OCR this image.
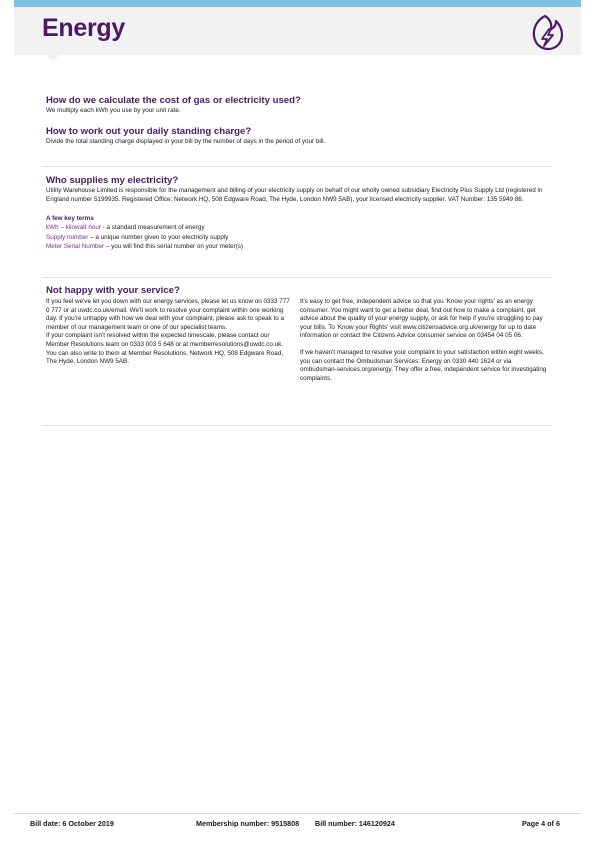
Energy
How do we calculate the cost of gas or electricity used?

We multiply each kWh you use by your unit rate.

How to work out your daily standing charge?

Divide the total standing charge displayed in your bill by the number of days in the period of your bill.

Who supplies my electricity?

Utility Warehouse Limited is responsible for the management and billing of your electricity supply on behalf of our wholly owned subsidiary Electricity Plus Supply Ltd (registered in England number 5199935. Registered Office: Network HQ, 508 Edgware Road, The Hyde, London NW9 5AB), your licensed electricity supplier. VAT Number: 135 5949 86.

A few key terms

kWh – kilowatt hour - a standard measurement of energy

Supply number – a unique number given to your electricity supply

Meter Serial Number – you will find this serial number on your meter(s)

Not happy with your service?

If you feel we've let you down with our energy services, please let us know on 0333 777 0 777 or at uwdc.co.uk/email. We'll work to resolve your complaint within one working day. If you're unhappy with how we deal with your complaint, please ask to speak to a member of our management team or one of our specialist teams.

If your complaint isn't resolved within the expected timescale, please contact our Member Resolutions team on 0333 003 5 648 or at memberresolutions@uwdc.co.uk. You can also write to them at Member Resolutions, Network HQ, 508 Edgware Road, The Hyde, London NW9 5AB.

It's easy to get free, independent advice so that you 'Know your rights' as an energy consumer. You might want to get a better deal, find out how to make a complaint, get advice about the quality of your energy supply, or ask for help if you're struggling to pay your bills. To 'Know your Rights' visit www.citizensadvice.org.uk/energy for up to date information or contact the Citizens Advice consumer service on 03454 04 05 06.

If we haven't managed to resolve your complaint to your satisfaction within eight weeks, you can contact the Ombudsman Services: Energy on 0330 440 1624 or via ombudsman-services.org/energy. They offer a free, independent service for investigating complaints.

Bill date: 6 October 2019	Membership number: 9515808 Bill number: 146120924	Page 4 of 6
